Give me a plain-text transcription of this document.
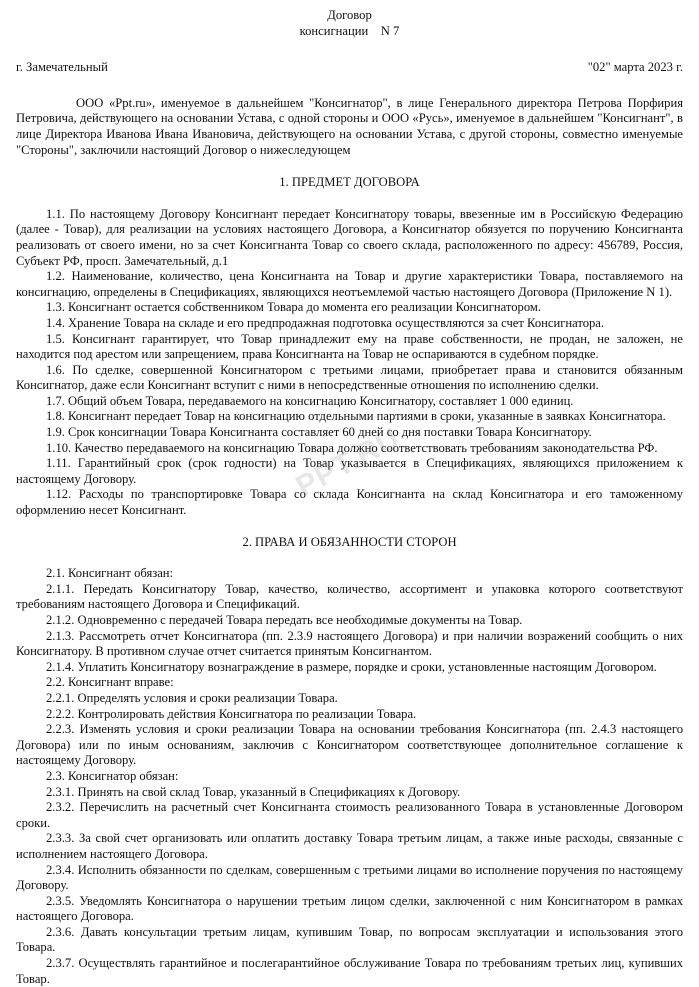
Договор

консигнации    N 7

г. Замечательный	"02" марта 2023 г.

ООО «Ppt.ru», именуемое в дальнейшем "Консигнатор", в лице Генерального директора Петрова Порфирия Петровича, действующего на основании Устава, с одной стороны и ООО «Русь», именуемое в дальнейшем "Консигнант", в лице Директора Иванова Ивана Ивановича, действующего на основании Устава, с другой стороны, совместно именуемые "Стороны", заключили настоящий Договор о нижеследующем

1. ПРЕДМЕТ ДОГОВОРА

1.1. По настоящему Договору Консигнант передает Консигнатору товары, ввезенные им в Российскую Федерацию (далее - Товар), для реализации на условиях настоящего Договора, а Консигнатор обязуется по поручению Консигнанта реализовать от своего имени, но за счет Консигнанта Товар со своего склада, расположенного по адресу: 456789, Россия, Субъект РФ, просп. Замечательный, д.1

1.2. Наименование, количество, цена Консигнанта на Товар и другие характеристики Товара, поставляемого на консигнацию, определены в Спецификациях, являющихся неотъемлемой частью настоящего Договора (Приложение N 1).

1.3. Консигнант остается собственником Товара до момента его реализации Консигнатором.

1.4. Хранение Товара на складе и его предпродажная подготовка осуществляются за счет Консигнатора.

1.5. Консигнант гарантирует, что Товар принадлежит ему на праве собственности, не продан, не заложен, не находится под арестом или запрещением, права Консигнанта на Товар не оспариваются в судебном порядке.

1.6. По сделке, совершенной Консигнатором с третьими лицами, приобретает права и становится обязанным Консигнатор, даже если Консигнант вступит с ними в непосредственные отношения по исполнению сделки.

1.7. Общий объем Товара, передаваемого на консигнацию Консигнатору, составляет 1 000 единиц.

1.8. Консигнант передает Товар на консигнацию отдельными партиями в сроки, указанные в заявках Консигнатора.

1.9. Срок консигнации Товара Консигнанта составляет 60 дней со дня поставки Товара Консигнатору.

1.10. Качество передаваемого на консигнацию Товара должно соответствовать требованиям законодательства РФ.

1.11. Гарантийный срок (срок годности) на Товар указывается в Спецификациях, являющихся приложением к настоящему Договору.

1.12. Расходы по транспортировке Товара со склада Консигнанта на склад Консигнатора и его таможенному оформлению несет Консигнант.

2. ПРАВА И ОБЯЗАННОСТИ СТОРОН

2.1. Консигнант обязан:

2.1.1. Передать Консигнатору Товар, качество, количество, ассортимент и упаковка которого соответствуют требованиям настоящего Договора и Спецификаций.

2.1.2. Одновременно с передачей Товара передать все необходимые документы на Товар.

2.1.3. Рассмотреть отчет Консигнатора (пп. 2.3.9 настоящего Договора) и при наличии возражений сообщить о них Консигнатору. В противном случае отчет считается принятым Консигнантом.

2.1.4. Уплатить Консигнатору вознаграждение в размере, порядке и сроки, установленные настоящим Договором.

2.2. Консигнант вправе:

2.2.1. Определять условия и сроки реализации Товара.

2.2.2. Контролировать действия Консигнатора по реализации Товара.

2.2.3. Изменять условия и сроки реализации Товара на основании требования Консигнатора (пп. 2.4.3 настоящего Договора) или по иным основаниям, заключив с Консигнатором соответствующее дополнительное соглашение к настоящему Договору.

2.3. Консигнатор обязан:

2.3.1. Принять на свой склад Товар, указанный в Спецификациях к Договору.

2.3.2. Перечислить на расчетный счет Консигнанта стоимость реализованного Товара в установленные Договором сроки.

2.3.3. За свой счет организовать или оплатить доставку Товара третьим лицам, а также иные расходы, связанные с исполнением настоящего Договора.

2.3.4. Исполнить обязанности по сделкам, совершенным с третьими лицами во исполнение поручения по настоящему Договору.

2.3.5. Уведомлять Консигнатора о нарушении третьим лицом сделки, заключенной с ним Консигнатором в рамках настоящего Договора.

2.3.6. Давать консультации третьим лицам, купившим Товар, по вопросам эксплуатации и использования этого Товара.

2.3.7. Осуществлять гарантийное и послегарантийное обслуживание Товара по требованиям третьих лиц, купивших Товар.

PPT.RU
